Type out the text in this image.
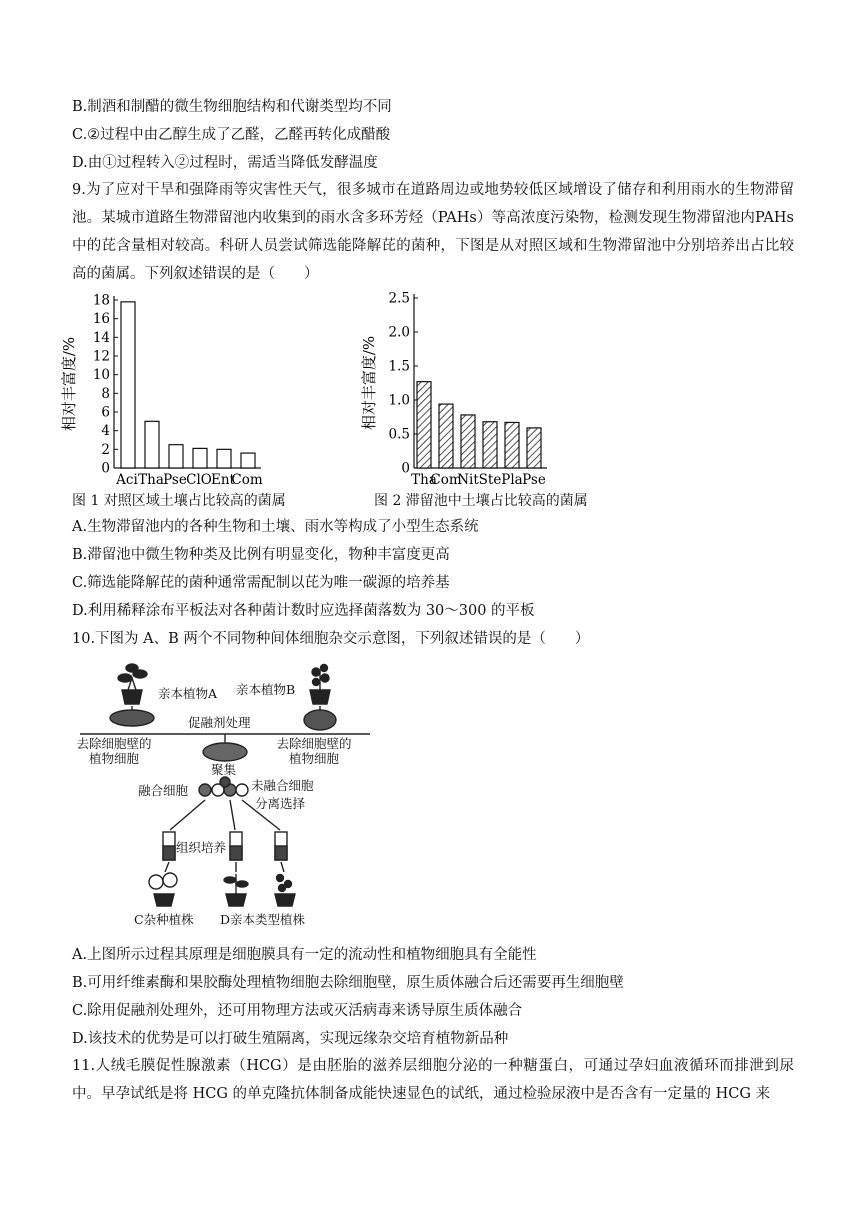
B.制酒和制醋的微生物细胞结构和代谢类型均不同
C.②过程中由乙醇生成了乙醛，乙醛再转化成醋酸
D.由①过程转入②过程时，需适当降低发酵温度
9.为了应对干旱和强降雨等灾害性天气，很多城市在道路周边或地势较低区域增设了储存和利用雨水的生物滞留池。某城市道路生物滞留池内收集到的雨水含多环芳烃（PAHs）等高浓度污染物，检测发现生物滞留池内PAHs中的芘含量相对较高。科研人员尝试筛选能降解芘的菌种，下图是从对照区域和生物滞留池中分别培养出占比较高的菌属。下列叙述错误的是（　　）
相对丰富度/%
0
2
4
6
8
10
12
14
16
18
Aci Tha Pse ClO Ent
Com
相对丰富度/%
0
0.5
1.0
1.5
2.0
2.5
Tha
Com
Nit Ste Pla Pse
图 1 对照区域土壤占比较高的菌属	图 2 滞留池中土壤占比较高的菌属
A.生物滞留池内的各种生物和土壤、雨水等构成了小型生态系统
B.滞留池中微生物种类及比例有明显变化，物种丰富度更高
C.筛选能降解芘的菌种通常需配制以芘为唯一碳源的培养基
D.利用稀释涂布平板法对各种菌计数时应选择菌落数为 30～300 的平板
10.下图为 A、B 两个不同物种间体细胞杂交示意图，下列叙述错误的是（　　）
亲本植物A 亲本植物B
促融剂处理
去除细胞壁的植物细胞
去除细胞壁的植物细胞
聚集
融合细胞	未融合细胞
分离选择
组织培养
C杂种植株 D亲本类型植株
A.上图所示过程其原理是细胞膜具有一定的流动性和植物细胞具有全能性
B.可用纤维素酶和果胶酶处理植物细胞去除细胞壁，原生质体融合后还需要再生细胞壁
C.除用促融剂处理外，还可用物理方法或灭活病毒来诱导原生质体融合
D.该技术的优势是可以打破生殖隔离，实现远缘杂交培育植物新品种
11.人绒毛膜促性腺激素（HCG）是由胚胎的滋养层细胞分泌的一种糖蛋白，可通过孕妇血液循环而排泄到尿中。早孕试纸是将 HCG 的单克隆抗体制备成能快速显色的试纸，通过检验尿液中是否含有一定量的 HCG 来
